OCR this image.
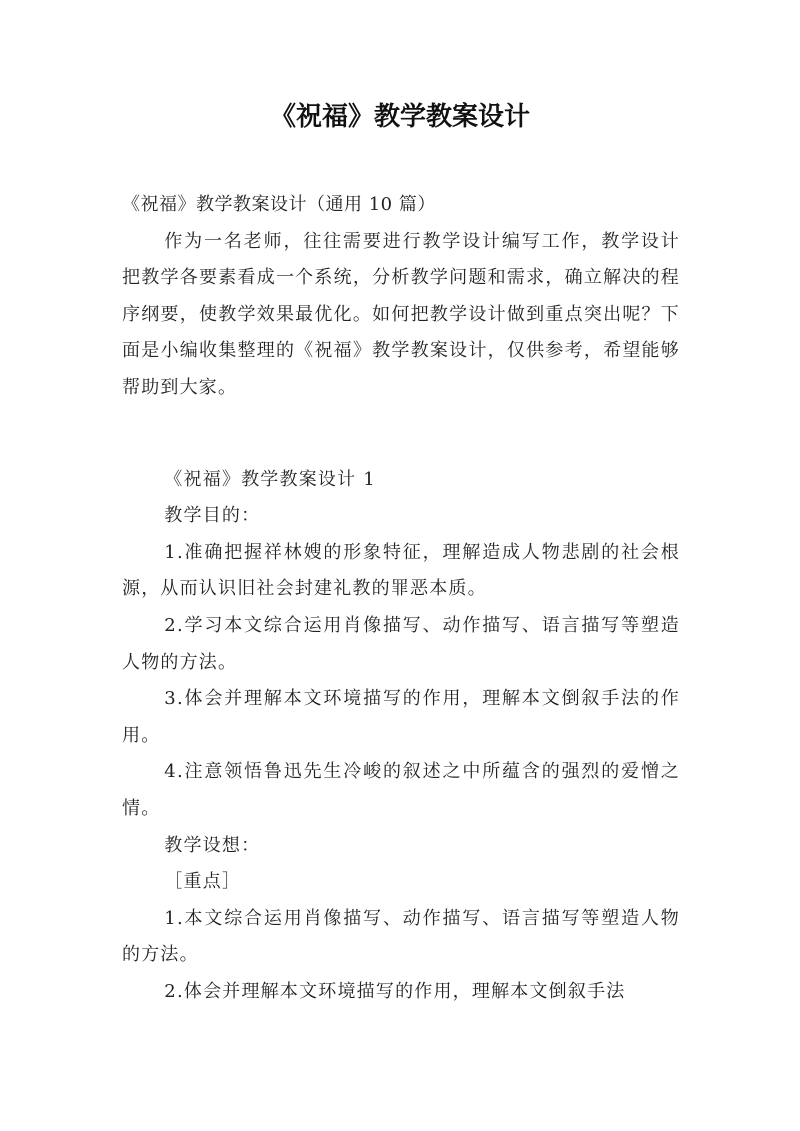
《祝福》教学教案设计

《祝福》教学教案设计（通用 10 篇）

作为一名老师，往往需要进行教学设计编写工作，教学设计把教学各要素看成一个系统，分析教学问题和需求，确立解决的程序纲要，使教学效果最优化。如何把教学设计做到重点突出呢？下面是小编收集整理的《祝福》教学教案设计，仅供参考，希望能够帮助到大家。

《祝福》教学教案设计 1

教学目的：

1.准确把握祥林嫂的形象特征，理解造成人物悲剧的社会根源，从而认识旧社会封建礼教的罪恶本质。

2.学习本文综合运用肖像描写、动作描写、语言描写等塑造人物的方法。

3.体会并理解本文环境描写的作用，理解本文倒叙手法的作用。

4.注意领悟鲁迅先生冷峻的叙述之中所蕴含的强烈的爱憎之情。

教学设想：

［重点］

1.本文综合运用肖像描写、动作描写、语言描写等塑造人物的方法。

2.体会并理解本文环境描写的作用，理解本文倒叙手法
